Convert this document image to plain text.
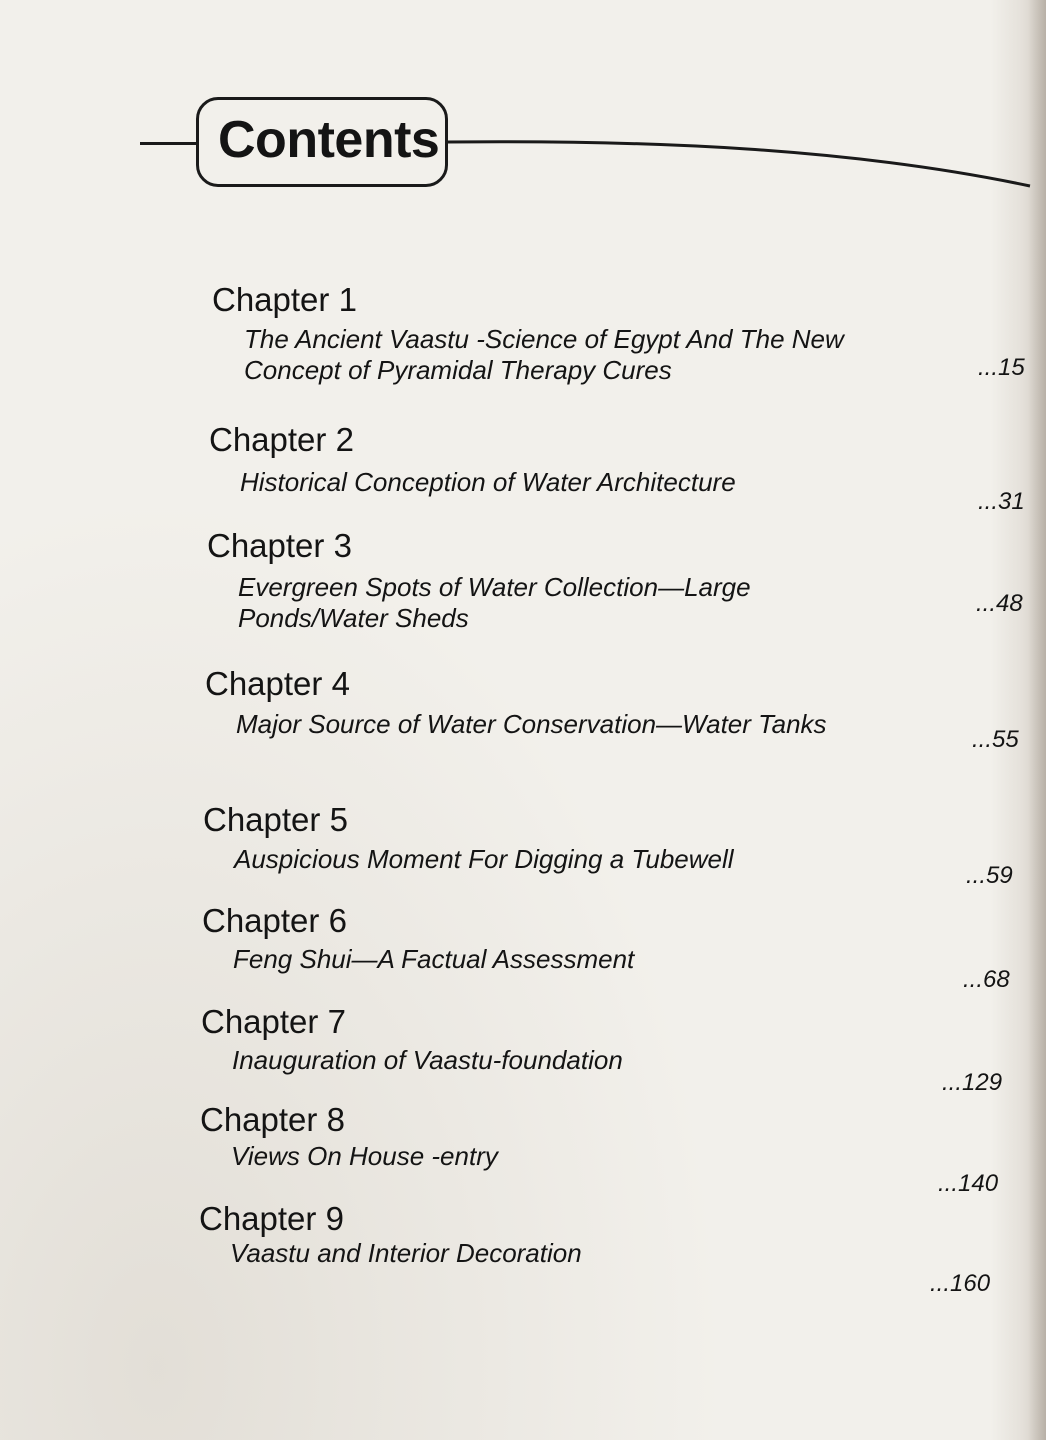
Contents
Chapter 1
The Ancient Vaastu -Science of Egypt And The New Concept of Pyramidal Therapy Cures	...15
Chapter 2
Historical Conception of Water Architecture
...31
Chapter 3
Evergreen Spots of Water Collection—Large Ponds/Water Sheds	...48
Chapter 4
Major Source of Water Conservation—Water Tanks
...55
Chapter 5
Auspicious Moment For Digging a Tubewell
...59
Chapter 6
Feng Shui—A Factual Assessment
...68
Chapter 7
Inauguration of Vaastu-foundation
...129
Chapter 8
Views On House -entry
...140
Chapter 9
Vaastu and Interior Decoration
...160
